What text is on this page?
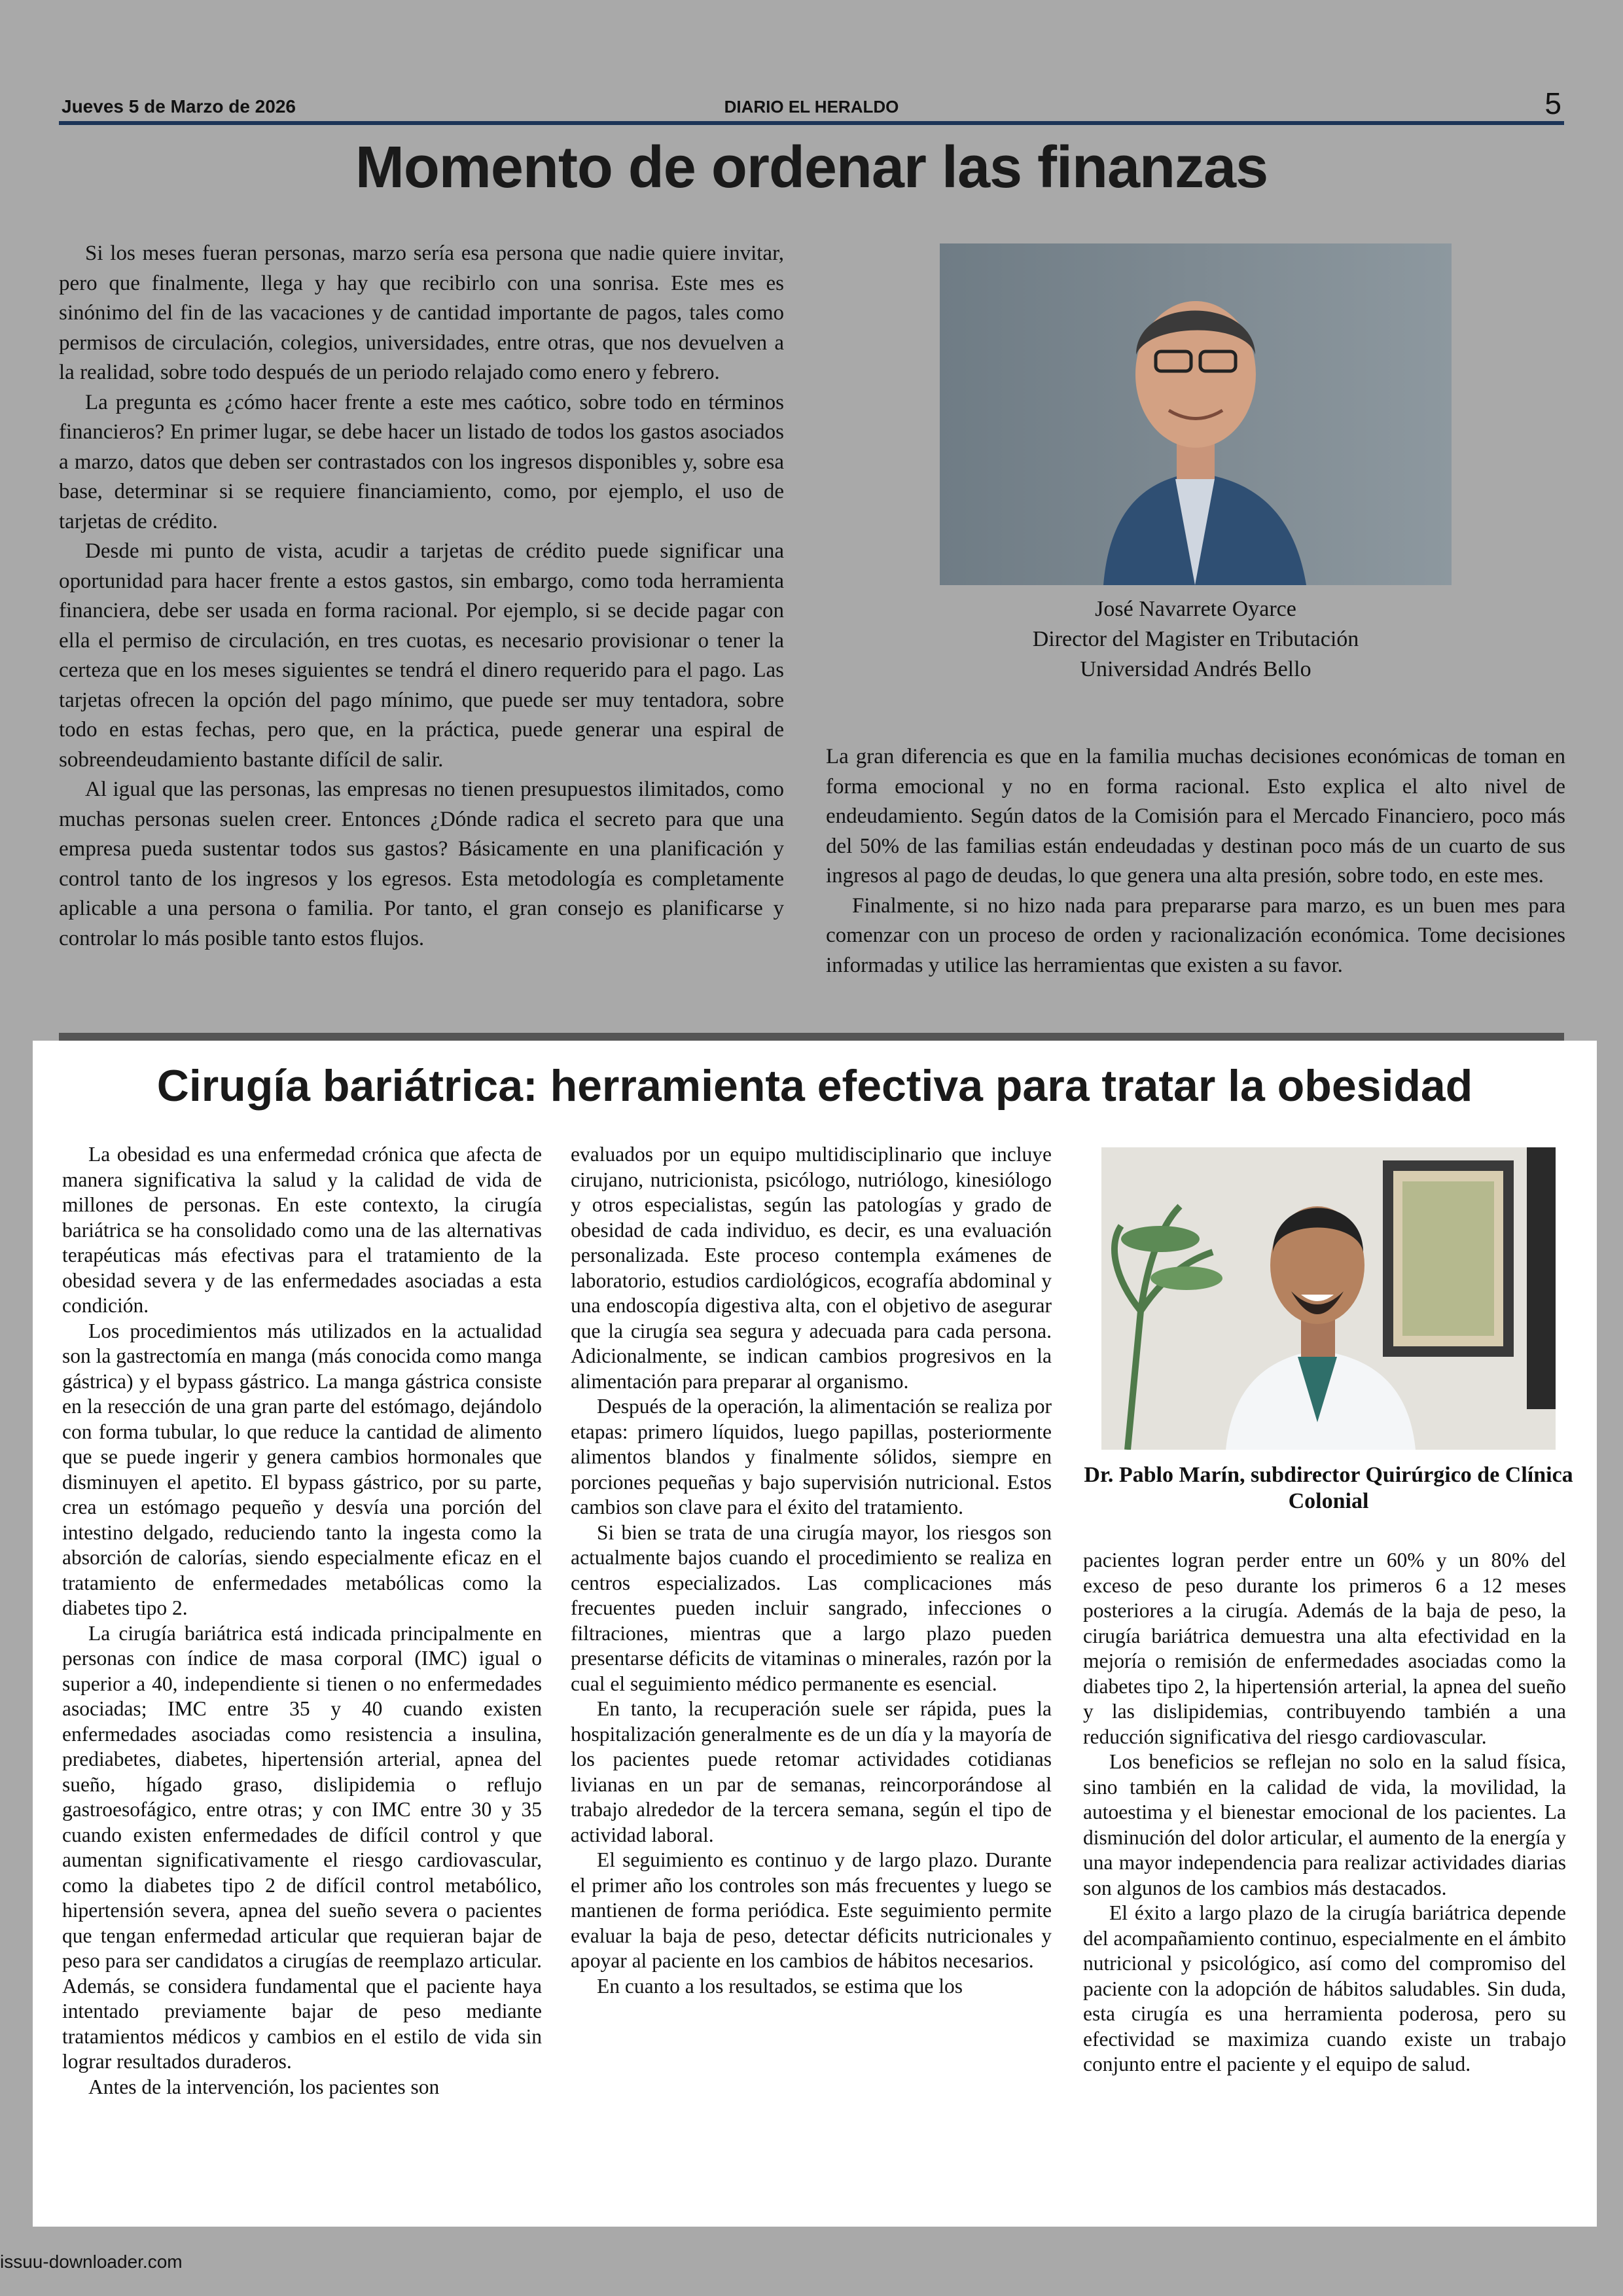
Jueves 5 de Marzo de 2026	DIARIO EL HERALDO	5
Momento de ordenar las finanzas

Si los meses fueran personas, marzo sería esa persona que nadie quiere invitar, pero que finalmente, llega y hay que recibirlo con una sonrisa. Este mes es sinónimo del fin de las vacaciones y de cantidad importante de pagos, tales como permisos de circulación, colegios, universidades, entre otras, que nos devuelven a la realidad, sobre todo después de un periodo relajado como enero y febrero.

La pregunta es ¿cómo hacer frente a este mes caótico, sobre todo en términos financieros? En primer lugar, se debe hacer un listado de todos los gastos asociados a marzo, datos que deben ser contrastados con los ingresos disponibles y, sobre esa base, determinar si se requiere financiamiento, como, por ejemplo, el uso de tarjetas de crédito.

Desde mi punto de vista, acudir a tarjetas de crédito puede significar una oportunidad para hacer frente a estos gastos, sin embargo, como toda herramienta financiera, debe ser usada en forma racional. Por ejemplo, si se decide pagar con ella el permiso de circulación, en tres cuotas, es necesario provisionar o tener la certeza que en los meses siguientes se tendrá el dinero requerido para el pago. Las tarjetas ofrecen la opción del pago mínimo, que puede ser muy tentadora, sobre todo en estas fechas, pero que, en la práctica, puede generar una espiral de sobreendeudamiento bastante difícil de salir.

Al igual que las personas, las empresas no tienen presupuestos ilimitados, como muchas personas suelen creer. Entonces ¿Dónde radica el secreto para que una empresa pueda sustentar todos sus gastos? Básicamente en una planificación y control tanto de los ingresos y los egresos. Esta metodología es completamente aplicable a una persona o familia. Por tanto, el gran consejo es planificarse y controlar lo más posible tanto estos flujos.

José Navarrete Oyarce
Director del Magister en Tributación
Universidad Andrés Bello

La gran diferencia es que en la familia muchas decisiones económicas de toman en forma emocional y no en forma racional. Esto explica el alto nivel de endeudamiento. Según datos de la Comisión para el Mercado Financiero, poco más del 50% de las familias están endeudadas y destinan poco más de un cuarto de sus ingresos al pago de deudas, lo que genera una alta presión, sobre todo, en este mes.

Finalmente, si no hizo nada para prepararse para marzo, es un buen mes para comenzar con un proceso de orden y racionalización económica. Tome decisiones informadas y utilice las herramientas que existen a su favor.

Cirugía bariátrica: herramienta efectiva para tratar la obesidad

La obesidad es una enfermedad crónica que afecta de manera significativa la salud y la calidad de vida de millones de personas. En este contexto, la cirugía bariátrica se ha consolidado como una de las alternativas terapéuticas más efectivas para el tratamiento de la obesidad severa y de las enfermedades asociadas a esta condición.

Los procedimientos más utilizados en la actualidad son la gastrectomía en manga (más conocida como manga gástrica) y el bypass gástrico. La manga gástrica consiste en la resección de una gran parte del estómago, dejándolo con forma tubular, lo que reduce la cantidad de alimento que se puede ingerir y genera cambios hormonales que disminuyen el apetito. El bypass gástrico, por su parte, crea un estómago pequeño y desvía una porción del intestino delgado, reduciendo tanto la ingesta como la absorción de calorías, siendo especialmente eficaz en el tratamiento de enfermedades metabólicas como la diabetes tipo 2.

La cirugía bariátrica está indicada principalmente en personas con índice de masa corporal (IMC) igual o superior a 40, independiente si tienen o no enfermedades asociadas; IMC entre 35 y 40 cuando existen enfermedades asociadas como resistencia a insulina, prediabetes, diabetes, hipertensión arterial, apnea del sueño, hígado graso, dislipidemia o reflujo gastroesofágico, entre otras; y con IMC entre 30 y 35 cuando existen enfermedades de difícil control y que aumentan significativamente el riesgo cardiovascular, como la diabetes tipo 2 de difícil control metabólico, hipertensión severa, apnea del sueño severa o pacientes que tengan enfermedad articular que requieran bajar de peso para ser candidatos a cirugías de reemplazo articular. Además, se considera fundamental que el paciente haya intentado previamente bajar de peso mediante tratamientos médicos y cambios en el estilo de vida sin lograr resultados duraderos.

Antes de la intervención, los pacientes son

evaluados por un equipo multidisciplinario que incluye cirujano, nutricionista, psicólogo, nutriólogo, kinesiólogo y otros especialistas, según las patologías y grado de obesidad de cada individuo, es decir, es una evaluación personalizada. Este proceso contempla exámenes de laboratorio, estudios cardiológicos, ecografía abdominal y una endoscopía digestiva alta, con el objetivo de asegurar que la cirugía sea segura y adecuada para cada persona. Adicionalmente, se indican cambios progresivos en la alimentación para preparar al organismo.

Después de la operación, la alimentación se realiza por etapas: primero líquidos, luego papillas, posteriormente alimentos blandos y finalmente sólidos, siempre en porciones pequeñas y bajo supervisión nutricional. Estos cambios son clave para el éxito del tratamiento.

Si bien se trata de una cirugía mayor, los riesgos son actualmente bajos cuando el procedimiento se realiza en centros especializados. Las complicaciones más frecuentes pueden incluir sangrado, infecciones o filtraciones, mientras que a largo plazo pueden presentarse déficits de vitaminas o minerales, razón por la cual el seguimiento médico permanente es esencial.

En tanto, la recuperación suele ser rápida, pues la hospitalización generalmente es de un día y la mayoría de los pacientes puede retomar actividades cotidianas livianas en un par de semanas, reincorporándose al trabajo alrededor de la tercera semana, según el tipo de actividad laboral.

El seguimiento es continuo y de largo plazo. Durante el primer año los controles son más frecuentes y luego se mantienen de forma periódica. Este seguimiento permite evaluar la baja de peso, detectar déficits nutricionales y apoyar al paciente en los cambios de hábitos necesarios.

En cuanto a los resultados, se estima que los

Dr. Pablo Marín, subdirector Quirúrgico de Clínica Colonial

pacientes logran perder entre un 60% y un 80% del exceso de peso durante los primeros 6 a 12 meses posteriores a la cirugía. Además de la baja de peso, la cirugía bariátrica demuestra una alta efectividad en la mejoría o remisión de enfermedades asociadas como la diabetes tipo 2, la hipertensión arterial, la apnea del sueño y las dislipidemias, contribuyendo también a una reducción significativa del riesgo cardiovascular.

Los beneficios se reflejan no solo en la salud física, sino también en la calidad de vida, la movilidad, la autoestima y el bienestar emocional de los pacientes. La disminución del dolor articular, el aumento de la energía y una mayor independencia para realizar actividades diarias son algunos de los cambios más destacados.

El éxito a largo plazo de la cirugía bariátrica depende del acompañamiento continuo, especialmente en el ámbito nutricional y psicológico, así como del compromiso del paciente con la adopción de hábitos saludables. Sin duda, esta cirugía es una herramienta poderosa, pero su efectividad se maximiza cuando existe un trabajo conjunto entre el paciente y el equipo de salud.

issuu-downloader.com
